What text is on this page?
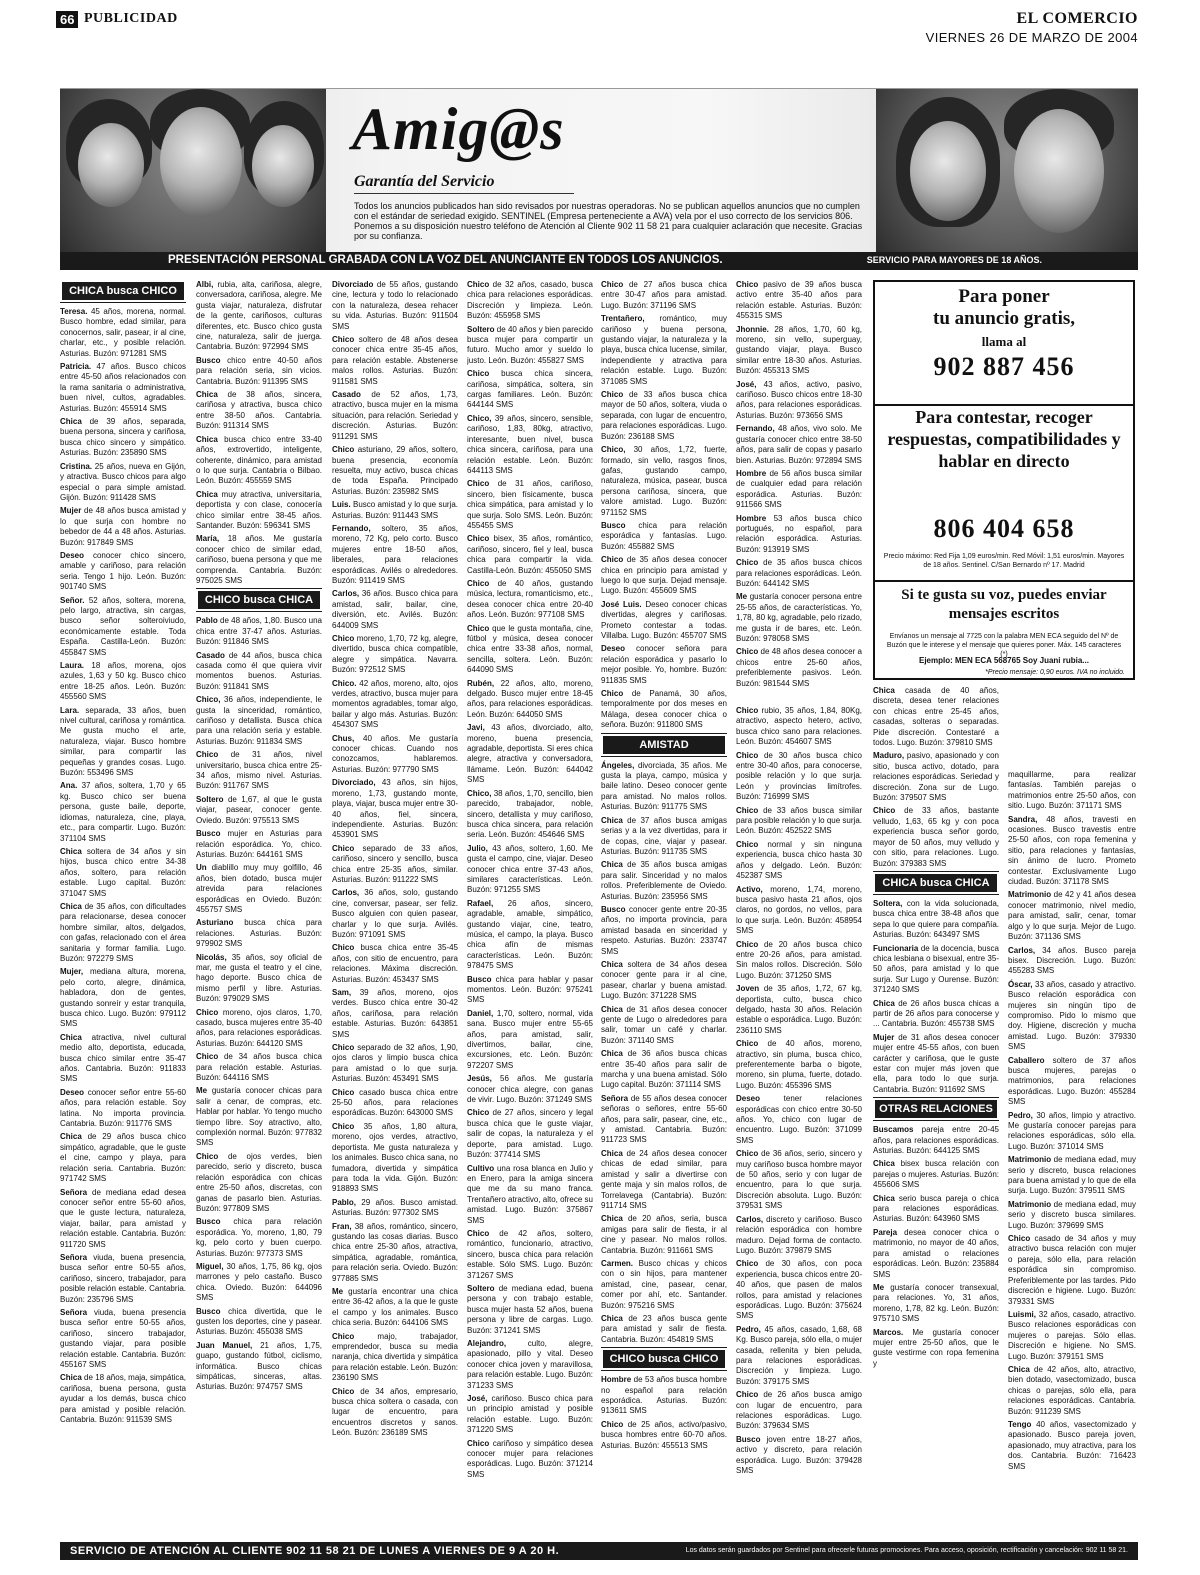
66 PUBLICIDAD	EL COMERCIO
VIERNES 26 DE MARZO DE 2004
Amig@s
Garantía del Servicio
Todos los anuncios publicados han sido revisados por nuestras operadoras. No se publican aquellos anuncios que no cumplen con el estándar de seriedad exigido. SENTINEL (Empresa perteneciente a AVA) vela por el uso correcto de los servicios 806. Ponemos a su disposición nuestro teléfono de Atención al Cliente 902 11 58 21 para cualquier aclaración que necesite. Gracias por su confianza.
PRESENTACIÓN PERSONAL GRABADA CON LA VOZ DEL ANUNCIANTE EN TODOS LOS ANUNCIOS.	SERVICIO PARA MAYORES DE 18 AÑOS.
CHICA busca CHICO

Teresa. 45 años, morena, normal. Busco hombre, edad similar, para conocernos, salir, pasear, ir al cine, charlar, etc., y posible relación. Asturias. Buzón: 971281 SMS

Patricia. 47 años. Busco chicos entre 45-50 años relacionados con la rama sanitaria o administrativa, buen nivel, cultos, agradables. Asturias. Buzón: 455914 SMS

Chica de 39 años, separada, buena persona, sincera y cariñosa, busca chico sincero y simpático. Asturias. Buzón: 235890 SMS

Cristina. 25 años, nueva en Gijón, y atractiva. Busco chicos para algo especial o para simple amistad. Gijón. Buzón: 911428 SMS

Mujer de 48 años busca amistad y lo que surja con hombre no bebedor de 44 a 48 años. Asturias. Buzón: 917849 SMS

Deseo conocer chico sincero, amable y cariñoso, para relación seria. Tengo 1 hijo. León. Buzón: 901740 SMS

Señor. 52 años, soltera, morena, pelo largo, atractiva, sin cargas, busco señor solteroiviudo, económicamente estable. Toda España. Castilla-León. Buzón: 455847 SMS

Laura. 18 años, morena, ojos azules, 1,63 y 50 kg. Busco chico entre 18-25 años. León. Buzón: 455560 SMS

Lara. separada, 33 años, buen nivel cultural, cariñosa y romántica. Me gusta mucho el arte, naturaleza, viajar. Busco hombre similar, para compartir las pequeñas y grandes cosas. Lugo. Buzón: 553496 SMS

Ana. 37 años, soltera, 1,70 y 65 kg. Busco chico ser buena persona, guste baile, deporte, idiomas, naturaleza, cine, playa, etc., para compartir. Lugo. Buzón: 371104 SMS

Chica soltera de 34 años y sin hijos, busca chico entre 34-38 años, soltero, para relación estable. Lugo capital. Buzón: 371047 SMS

Chica de 35 años, con dificultades para relacionarse, desea conocer hombre similar, altos, delgados, con gafas, relacionado con el área sanitaria y formar familia. Lugo. Buzón: 972279 SMS

Mujer, mediana altura, morena, pelo corto, alegre, dinámica, habladora, don de gentes, gustando sonreír y estar tranquila, busca chico. Lugo. Buzón: 979112 SMS

Chica atractiva, nivel cultural medio alto, deportista, educada, busca chico similar entre 35-47 años. Cantabria. Buzón: 911833 SMS

Deseo conocer señor entre 55-60 años, para relación estable. Soy latina. No importa provincia. Cantabria. Buzón: 911776 SMS

Chica de 29 años busca chico simpático, agradable, que le guste el cine, campo y playa, para relación seria. Cantabria. Buzón: 971742 SMS

Señora de mediana edad desea conocer señor entre 55-60 años, que le guste lectura, naturaleza, viajar, bailar, para amistad y relación estable. Cantabria. Buzón: 911720 SMS

Señora viuda, buena presencia, busca señor entre 50-55 años, cariñoso, sincero, trabajador, para posible relación estable. Cantabria. Buzón: 235796 SMS

Señora viuda, buena presencia busca señor entre 50-55 años, cariñoso, sincero trabajador, gustando viajar, para posible relación estable. Cantabria. Buzón: 455167 SMS

Chica de 18 años, maja, simpática, cariñosa, buena persona, gusta ayudar a los demás, busca chico para amistad y posible relación. Cantabria. Buzón: 911539 SMS

Albi, rubia, alta, cariñosa, alegre, conversadora, cariñosa, alegre. Me gusta viajar, naturaleza, disfrutar de la gente, cariñosos, culturas diferentes, etc. Busco chico gusta cine, naturaleza, salir de juerga. Cantabria. Buzón: 972994 SMS

Busco chico entre 40-50 años para relación seria, sin vicios. Cantabria. Buzón: 911395 SMS

Chica de 38 años, sincera, cariñosa y atractiva, busca chico entre 38-50 años. Cantabria. Buzón: 911314 SMS

Chica busca chico entre 33-40 años, extrovertido, inteligente, coherente, dinámico, para amistad o lo que surja. Cantabria o Bilbao. León. Buzón: 455559 SMS

Chica muy atractiva, universitaria, deportista y con clase, conocería chico similar entre 38-45 años. Santander. Buzón: 596341 SMS

María, 18 años. Me gustaría conocer chico de similar edad, cariñoso, buena persona y que me comprenda. Cantabria. Buzón: 975025 SMS

CHICO busca CHICA

Pablo de 48 años, 1,80. Busco una chica entre 37-47 años. Asturias. Buzón: 911846 SMS

Casado de 44 años, busca chica casada como él que quiera vivir momentos buenos. Asturias. Buzón: 911841 SMS

Chico, 36 años, independiente, le gusta la sinceridad, romántico, cariñoso y detallista. Busca chica para una relación seria y estable. Asturias. Buzón: 911834 SMS

Chico de 31 años, nivel universitario, busca chica entre 25-34 años, mismo nivel. Asturias. Buzón: 911767 SMS

Soltero de 1,67, al que le gusta viajar, pasear, conocer gente. Oviedo. Buzón: 975513 SMS

Busco mujer en Asturias para relación esporádica. Yo, chico. Asturias. Buzón: 644161 SMS

Un diablillo muy muy golfillo, 46 años, bien dotado, busca mujer atrevida para relaciones esporádicas en Oviedo. Buzón: 455757 SMS

Asturiano busca chica para relaciones. Asturias. Buzón: 979902 SMS

Nicolás, 35 años, soy oficial de mar, me gusta el teatro y el cine, hago deporte. Busco chica de mismo perfil y libre. Asturias. Buzón: 979029 SMS

Chico moreno, ojos claros, 1,70, casado, busca mujeres entre 35-40 años, para relaciones esporádicas. Asturias. Buzón: 644120 SMS

Chico de 34 años busca chica para relación estable. Asturias. Buzón: 644116 SMS

Me gustaría conocer chicas para salir a cenar, de compras, etc. Hablar por hablar. Yo tengo mucho tiempo libre. Soy atractivo, alto, complexión normal. Buzón: 977832 SMS

Chico de ojos verdes, bien parecido, serio y discreto, busca relación esporádica con chicas entre 25-50 años, discretas, con ganas de pasarlo bien. Asturias. Buzón: 977809 SMS

Busco chica para relación esporádica. Yo, moreno, 1,80, 79 kg, pelo corto y buen cuerpo. Asturias. Buzón: 977373 SMS

Miguel, 30 años, 1,75, 86 kg, ojos marrones y pelo castaño. Busco chica. Oviedo. Buzón: 644096 SMS

Busco chica divertida, que le gusten los deportes, cine y pasear. Asturias. Buzón: 455038 SMS

Juan Manuel, 21 años, 1,75, guapo, gustando fútbol, ciclismo, informática. Busco chicas simpáticas, sinceras, altas. Asturias. Buzón: 974757 SMS

Divorciado de 55 años, gustando cine, lectura y todo lo relacionado con la naturaleza, desea rehacer su vida. Asturias. Buzón: 911504 SMS

Chico soltero de 48 años desea conocer chica entre 35-45 años, para relación estable. Abstenerse malos rollos. Asturias. Buzón: 911581 SMS

Casado de 52 años, 1,73, atractivo, busca mujer en la misma situación, para relación. Seriedad y discreción. Asturias. Buzón: 911291 SMS

Chico asturiano, 29 años, soltero, buena presencia, economía resuelta, muy activo, busca chicas de toda España. Principado Asturias. Buzón: 235982 SMS

Luis. Busco amistad y lo que surja. Asturias. Buzón: 911443 SMS

Fernando, soltero, 35 años, moreno, 72 Kg, pelo corto. Busco mujeres entre 18-50 años, liberales, para relaciones esporádicas. Avilés o alrededores. Buzón: 911419 SMS

Carlos, 36 años. Busco chica para amistad, salir, bailar, cine, diversión, etc. Avilés. Buzón: 644009 SMS

Chico moreno, 1,70, 72 kg, alegre, divertido, busca chica compatible, alegre y simpática. Navarra. Buzón: 972512 SMS

Chico. 42 años, moreno, alto, ojos verdes, atractivo, busca mujer para momentos agradables, tomar algo, bailar y algo más. Asturias. Buzón: 454307 SMS

Chus, 40 años. Me gustaría conocer chicas. Cuando nos conozcamos, hablaremos. Asturias. Buzón: 977790 SMS

Divorciado, 43 años, sin hijos, moreno, 1,73, gustando monte, playa, viajar, busca mujer entre 30-40 años, fiel, sincera, independiente. Asturias. Buzón: 453901 SMS

Chico separado de 33 años, cariñoso, sincero y sencillo, busca chica entre 25-35 años, similar. Asturias. Buzón: 911222 SMS

Carlos, 36 años, solo, gustando cine, conversar, pasear, ser feliz. Busco alguien con quien pasear, charlar y lo que surja. Avilés. Buzón: 971091 SMS

Chico busca chica entre 35-45 años, con sitio de encuentro, para relaciones. Máxima discreción. Asturias. Buzón: 453437 SMS

Sam, 39 años, moreno, ojos verdes. Busco chica entre 30-42 años, cariñosa, para relación estable. Asturias. Buzón: 643851 SMS

Chico separado de 32 años, 1,90, ojos claros y limpio busca chica para amistad o lo que surja. Asturias. Buzón: 453491 SMS

Chico casado busca chica entre 25-50 años, para relaciones esporádicas. Buzón: 643000 SMS

Chico 35 años, 1,80 altura, moreno, ojos verdes, atractivo, deportista. Me gusta naturaleza y los animales. Busco chica sana, no fumadora, divertida y simpática para toda la vida. Gijón. Buzón: 918893 SMS

Pablo, 29 años. Busco amistad. Asturias. Buzón: 977302 SMS

Fran, 38 años, romántico, sincero, gustando las cosas diarias. Busco chica entre 25-30 años, atractiva, simpática, agradable, romántica, para relación seria. Oviedo. Buzón: 977885 SMS

Me gustaría encontrar una chica entre 36-42 años, a la que le guste el campo y los animales. Busco chica seria. Buzón: 644106 SMS

Chico majo, trabajador, emprendedor, busca su media naranja, chica divertida y simpática para relación estable. León. Buzón: 236190 SMS

Chico de 34 años, empresario, busca chica soltera o casada, con lugar de encuentro, para encuentros discretos y sanos. León. Buzón: 236189 SMS

Chico de 32 años, casado, busca chica para relaciones esporádicas. Discreción y limpieza. León. Buzón: 455958 SMS

Soltero de 40 años y bien parecido busca mujer para compartir un futuro. Mucho amor y sueldo lo justo. León. Buzón: 455827 SMS

Chico busca chica sincera, cariñosa, simpática, soltera, sin cargas familiares. León. Buzón: 644144 SMS

Chico, 39 años, sincero, sensible, cariñoso, 1,83, 80kg, atractivo, interesante, buen nivel, busca chica sincera, cariñosa, para una relación estable. León. Buzón: 644113 SMS

Chico de 31 años, cariñoso, sincero, bien físicamente, busca chica simpática, para amistad y lo que surja. Solo SMS. León. Buzón: 455455 SMS

Chico bisex, 35 años, romántico, cariñoso, sincero, fiel y leal, busca chica para compartir la vida. Castilla-León. Buzón: 455050 SMS

Chico de 40 años, gustando música, lectura, romanticismo, etc., desea conocer chica entre 20-40 años. León. Buzón: 977108 SMS

Chico que le gusta montaña, cine, fútbol y música, desea conocer chica entre 33-38 años, normal, sencilla, soltera. León. Buzón: 644090 SMS

Rubén, 22 años, alto, moreno, delgado. Busco mujer entre 18-45 años, para relaciones esporádicas. León. Buzón: 644050 SMS

Javi, 43 años, divorciado, alto, moreno, buena presencia, agradable, deportista. Si eres chica alegre, atractiva y conversadora, llámame. León. Buzón: 644042 SMS

Chico, 38 años, 1,70, sencillo, bien parecido, trabajador, noble, sincero, detallista y muy cariñoso, busca chica sincera, para relación seria. León. Buzón: 454646 SMS

Julio, 43 años, soltero, 1,60. Me gusta el campo, cine, viajar. Deseo conocer chica entre 37-43 años, similares características. León. Buzón: 971255 SMS

Rafael, 26 años, sincero, agradable, amable, simpático, gustando viajar, cine, teatro, música, el campo, la playa. Busco chica afín de mismas características. León. Buzón: 978475 SMS

Busco chica para hablar y pasar momentos. León. Buzón: 975241 SMS

Daniel, 1,70, soltero, normal, vida sana. Busco mujer entre 55-65 años, para amistad, salir, divertirnos, bailar, cine, excursiones, etc. León. Buzón: 972207 SMS

Jesús, 56 años. Me gustaría conocer chica alegre, con ganas de vivir. Lugo. Buzón: 371249 SMS

Chico de 27 años, sincero y legal busca chica que le guste viajar, salir de copas, la naturaleza y el deporte, para amistad. Lugo. Buzón: 377414 SMS

Cultivo una rosa blanca en Julio y en Enero, para la amiga sincera que me da su mano franca. Trentañero atractivo, alto, ofrece su amistad. Lugo. Buzón: 375867 SMS

Chico de 42 años, soltero, romántico, funcionario, atractivo, sincero, busca chica para relación estable. Sólo SMS. Lugo. Buzón: 371267 SMS

Soltero de mediana edad, buena persona y con trabajo estable, busca mujer hasta 52 años, buena persona y libre de cargas. Lugo. Buzón: 371241 SMS

Alejandro, culto, alegre, apasionado, pillo y vital. Deseo conocer chica joven y maravillosa, para relación estable. Lugo. Buzón: 371233 SMS

José, cariñoso. Busco chica para un principio amistad y posible relación estable. Lugo. Buzón: 371220 SMS

Chico cariñoso y simpático desea conocer mujer para relaciones esporádicas. Lugo. Buzón: 371214 SMS

Chico de 27 años busca chica entre 30-47 años para amistad. Lugo. Buzón: 371196 SMS

Trentañero, romántico, muy cariñoso y buena persona, gustando viajar, la naturaleza y la playa, busca chica lucense, similar, independiente y atractiva para relación estable. Lugo. Buzón: 371085 SMS

Chico de 33 años busca chica mayor de 50 años, soltera, viuda o separada, con lugar de encuentro, para relaciones esporádicas. Lugo. Buzón: 236188 SMS

Chico, 30 años, 1,72, fuerte, formado, sin vello, rasgos finos, gafas, gustando campo, naturaleza, música, pasear, busca persona cariñosa, sincera, que valore amistad. Lugo. Buzón: 971152 SMS

Busco chica para relación esporádica y fantasías. Lugo. Buzón: 455882 SMS

Chico de 35 años desea conocer chica en principio para amistad y luego lo que surja. Dejad mensaje. Lugo. Buzón: 455609 SMS

José Luis. Deseo conocer chicas divertidas, alegres y cariñosas. Prometo contestar a todas. Villalba. Lugo. Buzón: 455707 SMS

Deseo conocer señora para relación esporádica y pasarlo lo mejor posible. Yo, hombre. Buzón: 911835 SMS

Chico de Panamá, 30 años, temporalmente por dos meses en Málaga, desea conocer chica o señora. Buzón: 911800 SMS

AMISTAD

Ángeles, divorciada, 35 años. Me gusta la playa, campo, música y baile latino. Deseo conocer gente para amistad. No malos rollos. Asturias. Buzón: 911775 SMS

Chica de 37 años busca amigas serias y a la vez divertidas, para ir de copas, cine, viajar y pasear. Asturias. Buzón: 911735 SMS

Chica de 35 años busca amigas para salir. Sinceridad y no malos rollos. Preferiblemente de Oviedo. Asturias. Buzón: 235956 SMS

Busco conocer gente entre 20-35 años, no importa provincia, para amistad basada en sinceridad y respeto. Asturias. Buzón: 233747 SMS

Chica soltera de 34 años desea conocer gente para ir al cine, pasear, charlar y buena amistad. Lugo. Buzón: 371228 SMS

Chica de 31 años desea conocer gente de Lugo o alrededores para salir, tomar un café y charlar. Buzón: 371140 SMS

Chica de 36 años busca chicas entre 35-40 años para salir de marcha y una buena amistad. Sólo Lugo capital. Buzón: 371114 SMS

Señora de 55 años desea conocer señoras o señores, entre 55-60 años, para salir, pasear, cine, etc., y amistad. Cantabria. Buzón: 911723 SMS

Chica de 24 años desea conocer chicas de edad similar, para amistad y salir a divertirse con gente maja y sin malos rollos, de Torrelavega (Cantabria). Buzón: 911714 SMS

Chica de 20 años, seria, busca amigas para salir de fiesta, ir al cine y pasear. No malos rollos. Cantabria. Buzón: 911661 SMS

Carmen. Busco chicas y chicos con o sin hijos, para mantener amistad, cine, pasear, cenar, comer por ahí, etc. Santander. Buzón: 975216 SMS

Chica de 23 años busca gente para amistad y salir de fiesta. Cantabria. Buzón: 454819 SMS

CHICO busca CHICO

Hombre de 53 años busca hombre no español para relación esporádica. Asturias. Buzón: 913611 SMS

Chico de 25 años, activo/pasivo, busca hombres entre 60-70 años. Asturias. Buzón: 455513 SMS

Chico pasivo de 39 años busca activo entre 35-40 años para relación estable. Asturias. Buzón: 455315 SMS

Jhonnie. 28 años, 1,70, 60 kg, moreno, sin vello, superguay, gustando viajar, playa. Busco similar entre 18-30 años. Asturias. Buzón: 455313 SMS

José, 43 años, activo, pasivo, cariñoso. Busco chicos entre 18-30 años, para relaciones esporádicas. Asturias. Buzón: 973656 SMS

Fernando, 48 años, vivo solo. Me gustaría conocer chico entre 38-50 años, para salir de copas y pasarlo bien. Asturias. Buzón: 972894 SMS

Hombre de 56 años busca similar de cualquier edad para relación esporádica. Asturias. Buzón: 911566 SMS

Hombre 53 años busca chico portugués, no español, para relación esporádica. Asturias. Buzón: 913919 SMS

Chico de 35 años busca chicos para relaciones esporádicas. León. Buzón: 644142 SMS

Me gustaría conocer persona entre 25-55 años, de características. Yo, 1,78, 80 kg, agradable, pelo rizado, me gusta ir de bares, etc. León. Buzón: 978058 SMS

Chico de 48 años desea conocer a chicos entre 25-60 años, preferiblemente pasivos. León. Buzón: 981544 SMS

Chico rubio, 35 años, 1,84, 80Kg, atractivo, aspecto hetero, activo, busca chico sano para relaciones. León. Buzón: 454607 SMS

Chico de 30 años busca chico entre 30-40 años, para conocerse, posible relación y lo que surja. León y provincias limítrofes. Buzón: 716999 SMS

Chico de 33 años busca similar para posible relación y lo que surja. León. Buzón: 452522 SMS

Chico normal y sin ninguna experiencia, busca chico hasta 30 años y delgado. León. Buzón: 452387 SMS

Activo, moreno, 1,74, moreno, busca pasivo hasta 21 años, ojos claros, no gordos, no vellos, para lo que surja. León. Buzón: 458954 SMS

Chico de 20 años busca chico entre 20-26 años, para amistad. Sin malos rollos. Discreción. Sólo Lugo. Buzón: 371250 SMS

Joven de 35 años, 1,72, 67 kg, deportista, culto, busca chico delgado, hasta 30 años. Relación estable o esporádica. Lugo. Buzón: 236110 SMS

Chico de 40 años, moreno, atractivo, sin pluma, busca chico, preferentemente barba o bigote, moreno, sin pluma, fuerte, dotado. Lugo. Buzón: 455396 SMS

Deseo tener relaciones esporádicas con chico entre 30-50 años. Yo, chico con lugar de encuentro. Lugo. Buzón: 371099 SMS

Chico de 36 años, serio, sincero y muy cariñoso busca hombre mayor de 50 años, serio y con lugar de encuentro, para lo que surja. Discreción absoluta. Lugo. Buzón: 379531 SMS

Carlos, discreto y cariñoso. Busco relación esporádica con hombre maduro. Dejad forma de contacto. Lugo. Buzón: 379879 SMS

Chico de 30 años, con poca experiencia, busca chicos entre 20-40 años, que pasen de malos rollos, para amistad y relaciones esporádicas. Lugo. Buzón: 375624 SMS

Pedro, 45 años, casado, 1,68, 68 Kg. Busco pareja, sólo ella, o mujer casada, rellenita y bien peluda, para relaciones esporádicas. Discreción y limpieza. Lugo. Buzón: 379175 SMS

Chico de 26 años busca amigo con lugar de encuentro, para relaciones esporádicas. Lugo. Buzón: 379634 SMS

Busco joven entre 18-27 años, activo y discreto, para relación esporádica. Lugo. Buzón: 379428 SMS

Chica casada de 40 años, discreta, desea tener relaciones con chicas entre 25-45 años, casadas, solteras o separadas. Pide discreción. Contestaré a todos. Lugo. Buzón: 379810 SMS

Maduro, pasivo, apasionado y con sitio, busca activo, dotado, para relaciones esporádicas. Seriedad y discreción. Zona sur de Lugo. Buzón: 379507 SMS

Chico de 33 años, bastante velludo, 1,63, 65 kg y con poca experiencia busca señor gordo, mayor de 50 años, muy velludo y con sitio, para relaciones. Lugo. Buzón: 379383 SMS

CHICA busca CHICA

Soltera, con la vida solucionada, busca chica entre 38-48 años que sepa lo que quiere para compañía. Asturias. Buzón: 643497 SMS

Funcionaria de la docencia, busca chica lesbiana o bisexual, entre 35-50 años, para amistad y lo que surja. Sur Lugo y Ourense. Buzón: 371240 SMS

Chica de 26 años busca chicas a partir de 26 años para conocerse y ... Cantabria. Buzón: 455738 SMS

Mujer de 31 años desea conocer mujer entre 45-55 años, con buen carácter y cariñosa, que le guste estar con mujer más joven que ella, para todo lo que surja. Cantabria. Buzón: 911692 SMS

OTRAS RELACIONES

Buscamos pareja entre 20-45 años, para relaciones esporádicas. Asturias. Buzón: 644125 SMS

Chica bisex busca relación con parejas o mujeres. Asturias. Buzón: 455606 SMS

Chica serio busca pareja o chica para relaciones esporádicas. Asturias. Buzón: 643960 SMS

Pareja desea conocer chica o matrimonio, no mayor de 40 años, para amistad o relaciones esporádicas. León. Buzón: 235884 SMS

Me gustaría conocer transexual, para relaciones. Yo, 31 años, moreno, 1,78, 82 kg. León. Buzón: 975710 SMS

Marcos. Me gustaría conocer mujer entre 25-50 años, que le guste vestirme con ropa femenina y

maquillarme, para realizar fantasías. También parejas o matrimonios entre 25-50 años, con sitio. Lugo. Buzón: 371171 SMS

Sandra, 48 años, travesti en ocasiones. Busco travestis entre 25-50 años, con ropa femenina y sitio, para relaciones y fantasías, sin ánimo de lucro. Prometo contestar. Exclusivamente Lugo ciudad. Buzón: 371178 SMS

Matrimonio de 42 y 41 años desea conocer matrimonio, nivel medio, para amistad, salir, cenar, tomar algo y lo que surja. Mejor de Lugo. Buzón: 371136 SMS

Carlos, 34 años. Busco pareja bisex. Discreción. Lugo. Buzón: 455283 SMS

Óscar, 33 años, casado y atractivo. Busco relación esporádica con mujeres sin ningún tipo de compromiso. Pido lo mismo que doy. Higiene, discreción y mucha amistad. Lugo. Buzón: 379330 SMS

Caballero soltero de 37 años busca mujeres, parejas o matrimonios, para relaciones esporádicas. Lugo. Buzón: 455284 SMS

Pedro, 30 años, limpio y atractivo. Me gustaría conocer parejas para relaciones esporádicas, sólo ella. Lugo. Buzón: 371014 SMS

Matrimonio de mediana edad, muy serio y discreto, busca relaciones para buena amistad y lo que de ella surja. Lugo. Buzón: 379511 SMS

Matrimonio de mediana edad, muy serio y discreto busca similares. Lugo. Buzón: 379699 SMS

Chico casado de 34 años y muy atractivo busca relación con mujer o pareja, sólo ella, para relación esporádica sin compromiso. Preferiblemente por las tardes. Pido discreción e higiene. Lugo. Buzón: 379331 SMS

Luismi, 32 años, casado, atractivo. Busco relaciones esporádicas con mujeres o parejas. Sólo ellas. Discreción e higiene. No SMS. Lugo. Buzón: 379151 SMS

Chica de 42 años, alto, atractivo, bien dotado, vasectomizado, busca chicas o parejas, sólo ella, para relaciones esporádicas. Cantabria. Buzón: 911239 SMS

Tengo 40 años, vasectomizado y apasionado. Busco pareja joven, apasionado, muy atractiva, para los dos. Cantabria. Buzón: 716423 SMS

Para poner
tu anuncio gratis,
llama al
902 887 456
Para contestar, recoger respuestas, compatibilidades y hablar en directo
806 404 658
Precio máximo: Red Fija 1,09 euros/min. Red Móvil: 1,51 euros/min. Mayores de 18 años. Sentinel. C/San Bernardo nº 17. Madrid
Si te gusta su voz, puedes enviar mensajes escritos
Envíanos un mensaje al 7725 con la palabra MEN ECA seguido del Nº de Buzón que le interese y el mensaje que quieres poner. Máx. 145 caracteres (*)
Ejemplo: MEN ECA 568765 Soy Juani rubia...
*Precio mensaje: 0,90 euros. IVA no incluido.
SERVICIO DE ATENCIÓN AL CLIENTE 902 11 58 21 DE LUNES A VIERNES DE 9 A 20 H.	Los datos serán guardados por Sentinel para ofrecerle futuras promociones. Para acceso, oposición, rectificación y cancelación: 902 11 58 21.
